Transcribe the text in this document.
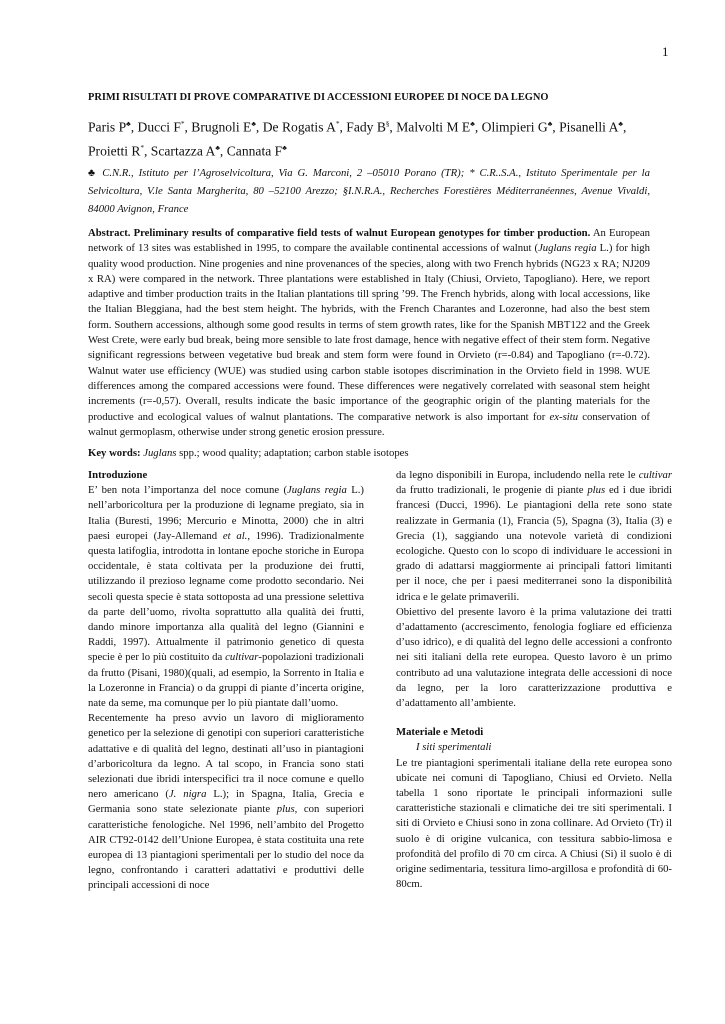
1
PRIMI RISULTATI DI PROVE COMPARATIVE DI ACCESSIONI EUROPEE DI NOCE DA LEGNO
Paris P♣, Ducci F*, Brugnoli E♣, De Rogatis A*, Fady B§, Malvolti M E♣, Olimpieri G♣, Pisanelli A♣, Proietti R*, Scartazza A♣, Cannata F♣
♣ C.N.R., Istituto per l’Agroselvicoltura, Via G. Marconi, 2 –05010 Porano (TR); * C.R..S.A., Istituto Sperimentale per la Selvicoltura, V.le Santa Margherita, 80 –52100 Arezzo; §I.N.R.A., Recherches Forestières Méditerranéennes, Avenue Vivaldi, 84000 Avignon, France
Abstract. Preliminary results of comparative field tests of walnut European genotypes for timber production. An European network of 13 sites was established in 1995, to compare the available continental accessions of walnut (Juglans regia L.) for high quality wood production. Nine progenies and nine provenances of the species, along with two French hybrids (NG23 x RA; NJ209 x RA) were compared in the network. Three plantations were established in Italy (Chiusi, Orvieto, Tapogliano). Here, we report adaptive and timber production traits in the Italian plantations till spring ’99. The French hybrids, along with local accessions, like the Italian Bleggiana, had the best stem height. The hybrids, with the French Charantes and Lozeronne, had also the best stem form. Southern accessions, although some good results in terms of stem growth rates, like for the Spanish MBT122 and the Greek West Crete, were early bud break, being more sensible to late frost damage, hence with negative effect of their stem form. Negative significant regressions between vegetative bud break and stem form were found in Orvieto (r=-0.84) and Tapogliano (r=-0.72). Walnut water use efficiency (WUE) was studied using carbon stable isotopes discrimination in the Orvieto field in 1998. WUE differences among the compared accessions were found. These differences were negatively correlated with seasonal stem height increments (r=-0,57). Overall, results indicate the basic importance of the geographic origin of the planting materials for the productive and ecological values of walnut plantations. The comparative network is also important for ex-situ conservation of walnut germoplasm, otherwise under strong genetic erosion pressure.
Key words: Juglans spp.; wood quality; adaptation; carbon stable isotopes

Introduzione

E’ ben nota l’importanza del noce comune (Juglans regia L.) nell’arboricoltura per la produzione di legname pregiato, sia in Italia (Buresti, 1996; Mercurio e Minotta, 2000) che in altri paesi europei (Jay-Allemand et al., 1996). Tradizionalmente questa latifoglia, introdotta in lontane epoche storiche in Europa occidentale, è stata coltivata per la produzione dei frutti, utilizzando il prezioso legname come prodotto secondario. Nei secoli questa specie è stata sottoposta ad una pressione selettiva da parte dell’uomo, rivolta soprattutto alla qualità dei frutti, dando minore importanza alla qualità del legno (Giannini e Raddi, 1997). Attualmente il patrimonio genetico di questa specie è per lo più costituito da cultivar-popolazioni tradizionali da frutto (Pisani, 1980)(quali, ad esempio, la Sorrento in Italia e la Lozeronne in Francia) o da gruppi di piante d’incerta origine, nate da seme, ma comunque per lo più piantate dall’uomo.

Recentemente ha preso avvio un lavoro di miglioramento genetico per la selezione di genotipi con superiori caratteristiche adattative e di qualità del legno, destinati all’uso in piantagioni d’arboricoltura da legno. A tal scopo, in Francia sono stati selezionati due ibridi interspecifici tra il noce comune e quello nero americano (J. nigra L.); in Spagna, Italia, Grecia e Germania sono state selezionate piante plus, con superiori caratteristiche fenologiche. Nel 1996, nell’ambito del Progetto AIR CT92-0142 dell’Unione Europea, è stata costituita una rete europea di 13 piantagioni sperimentali per lo studio del noce da legno, confrontando i caratteri adattativi e produttivi delle principali accessioni di noce

da legno disponibili in Europa, includendo nella rete le cultivar da frutto tradizionali, le progenie di piante plus ed i due ibridi francesi (Ducci, 1996). Le piantagioni della rete sono state realizzate in Germania (1), Francia (5), Spagna (3), Italia (3) e Grecia (1), saggiando una notevole varietà di condizioni ecologiche. Questo con lo scopo di individuare le accessioni in grado di adattarsi maggiormente ai principali fattori limitanti per il noce, che per i paesi mediterranei sono la disponibilità idrica e le gelate primaverili.

Obiettivo del presente lavoro è la prima valutazione dei tratti d’adattamento (accrescimento, fenologia fogliare ed efficienza d’uso idrico), e di qualità del legno delle accessioni a confronto nei siti italiani della rete europea. Questo lavoro è un primo contributo ad una valutazione integrata delle accessioni di noce da legno, per la loro caratterizzazione produttiva e d’adattamento all’ambiente.

Materiale e Metodi

I siti sperimentali

Le tre piantagioni sperimentali italiane della rete europea sono ubicate nei comuni di Tapogliano, Chiusi ed Orvieto. Nella tabella 1 sono riportate le principali informazioni sulle caratteristiche stazionali e climatiche dei tre siti sperimentali. I siti di Orvieto e Chiusi sono in zona collinare. Ad Orvieto (Tr) il suolo è di origine vulcanica, con tessitura sabbio-limosa e profondità del profilo di 70 cm circa. A Chiusi (Si) il suolo è di origine sedimentaria, tessitura limo-argillosa e profondità di 60-80cm.
